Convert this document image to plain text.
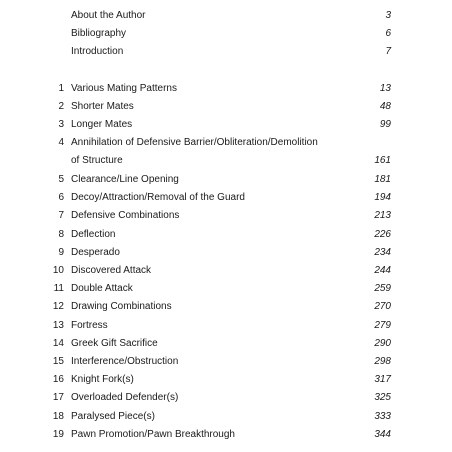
About the Author	3
Bibliography	6
Introduction	7
1 Various Mating Patterns	13
2 Shorter Mates	48
3 Longer Mates	99
4 Annihilation of Defensive Barrier/Obliteration/Demolition
of Structure	161
5 Clearance/Line Opening	181
6 Decoy/Attraction/Removal of the Guard	194
7 Defensive Combinations	213
8 Deflection	226
9 Desperado	234
10 Discovered Attack	244
11 Double Attack	259
12 Drawing Combinations	270
13 Fortress	279
14 Greek Gift Sacrifice	290
15 Interference/Obstruction	298
16 Knight Fork(s)	317
17 Overloaded Defender(s)	325
18 Paralysed Piece(s)	333
19 Pawn Promotion/Pawn Breakthrough	344
